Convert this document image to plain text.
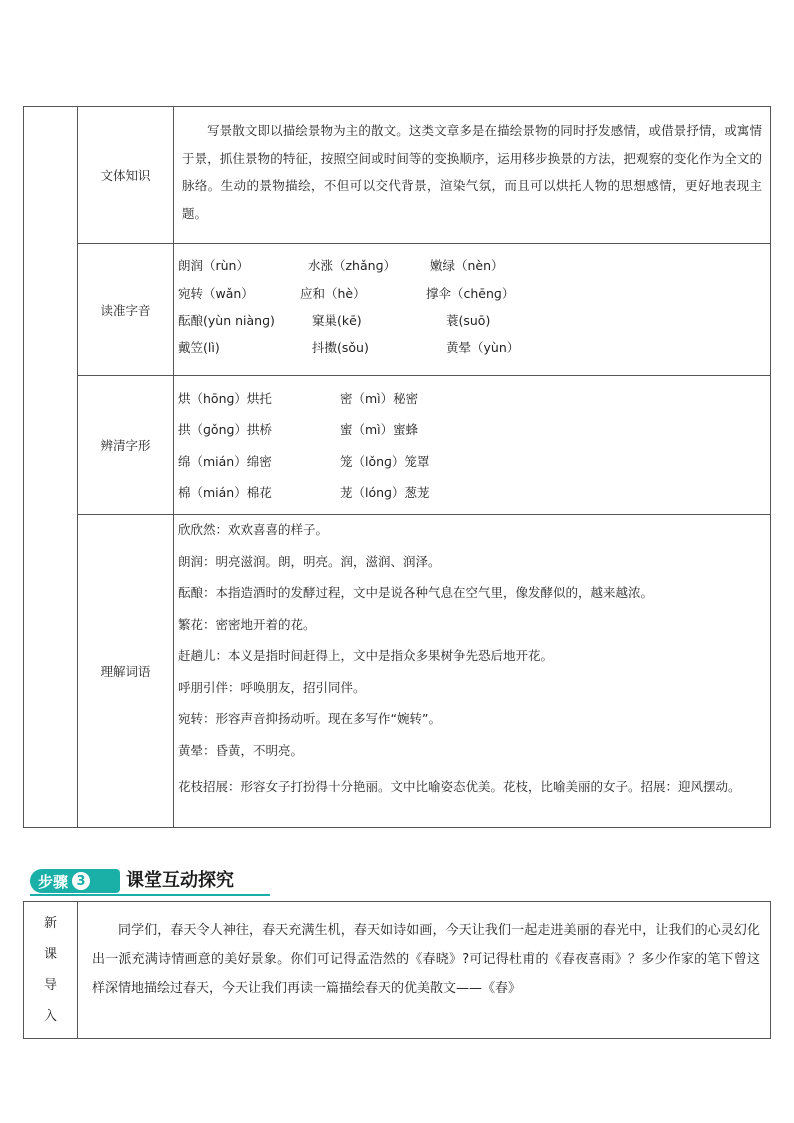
文体知识

写景散文即以描绘景物为主的散文。这类文章多是在描绘景物的同时抒发感情，或借景抒情，或寓情于景，抓住景物的特征，按照空间或时间等的变换顺序，运用移步换景的方法，把观察的变化作为全文的脉络。生动的景物描绘，不但可以交代背景，渲染气氛，而且可以烘托人物的思想感情，更好地表现主题。

读准字音
朗润（rùn）	水涨（zhǎnɡ）	嫩绿（nèn）
宛转（wǎn）	应和（hè）	撑伞（chēnɡ）
酝酿(yùn niànɡ)	窠巢(kē)	蓑(suō)
戴笠(lì)	抖擞(sǒu)	黄晕（yùn）
辨清字形
烘（hōnɡ）烘托	密（mì）秘密
拱（ɡǒnɡ）拱桥	蜜（mì）蜜蜂
绵（mián）绵密	笼（lǒnɡ）笼罩
棉（mián）棉花	茏（lónɡ）葱茏
理解词语
欣欣然：欢欢喜喜的样子。
朗润：明亮滋润。朗，明亮。润，滋润、润泽。
酝酿：本指造酒时的发酵过程，文中是说各种气息在空气里，像发酵似的，越来越浓。
繁花：密密地开着的花。
赶趟儿：本义是指时间赶得上，文中是指众多果树争先恐后地开花。
呼朋引伴：呼唤朋友，招引同伴。
宛转：形容声音抑扬动听。现在多写作“婉转”。
黄晕：昏黄，不明亮。
花枝招展：形容女子打扮得十分艳丽。文中比喻姿态优美。花枝，比喻美丽的女子。招展：迎风摆动。
步骤 3 课堂互动探究
新
课
导
入
同学们，春天令人神往，春天充满生机，春天如诗如画，今天让我们一起走进美丽的春光中，让我们的心灵幻化出一派充满诗情画意的美好景象。你们可记得孟浩然的《春晓》?可记得杜甫的《春夜喜雨》？多少作家的笔下曾这样深情地描绘过春天，今天让我们再读一篇描绘春天的优美散文——《春》
